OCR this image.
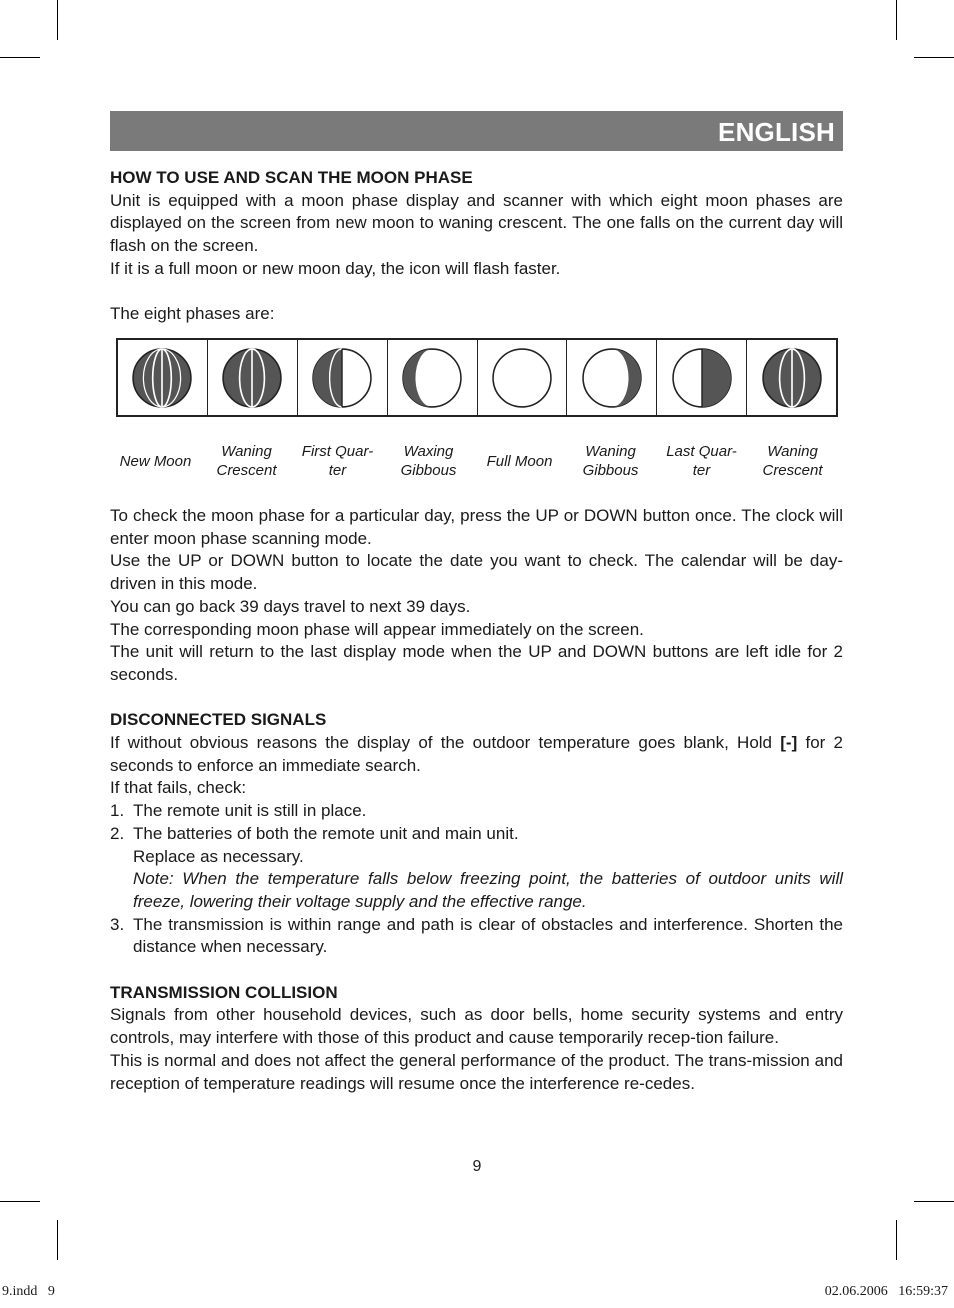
ENGLISH
HOW TO USE AND SCAN THE MOON PHASE

Unit is equipped with a moon phase display and scanner with which eight moon phases are displayed on the screen from new moon to waning crescent. The one falls on the current day will flash on the screen.

If it is a full moon or new moon day, the icon will flash faster.

The eight phases are:

New Moon
Waning Crescent
First Quar-ter
Waxing Gibbous
Full Moon
Waning Gibbous
Last Quar-ter
Waning Crescent

To check the moon phase for a particular day, press the UP or DOWN button once. The clock will enter moon phase scanning mode.

Use the UP or DOWN button to locate the date you want to check. The calendar will be day-driven in this mode.

You can go back 39 days travel to next 39 days.

The corresponding moon phase will appear immediately on the screen.

The unit will return to the last display mode when the UP and DOWN buttons are left idle for 2 seconds.

DISCONNECTED SIGNALS

If without obvious reasons the display of the outdoor temperature goes blank, Hold [-] for 2 seconds to enforce an immediate search.

If that fails, check:

1. The remote unit is still in place.
2. The batteries of both the remote unit and main unit.
Replace as necessary.
Note: When the temperature falls below freezing point, the batteries of outdoor units will freeze, lowering their voltage supply and the effective range.
3. The transmission is within range and path is clear of obstacles and interference. Shorten the distance when necessary.
TRANSMISSION COLLISION

Signals from other household devices, such as door bells, home security systems and entry controls, may interfere with those of this product and cause temporarily recep-tion failure.

This is normal and does not affect the general performance of the product. The trans-mission and reception of temperature readings will resume once the interference re-cedes.

9
9.indd   9	02.06.2006   16:59:37
